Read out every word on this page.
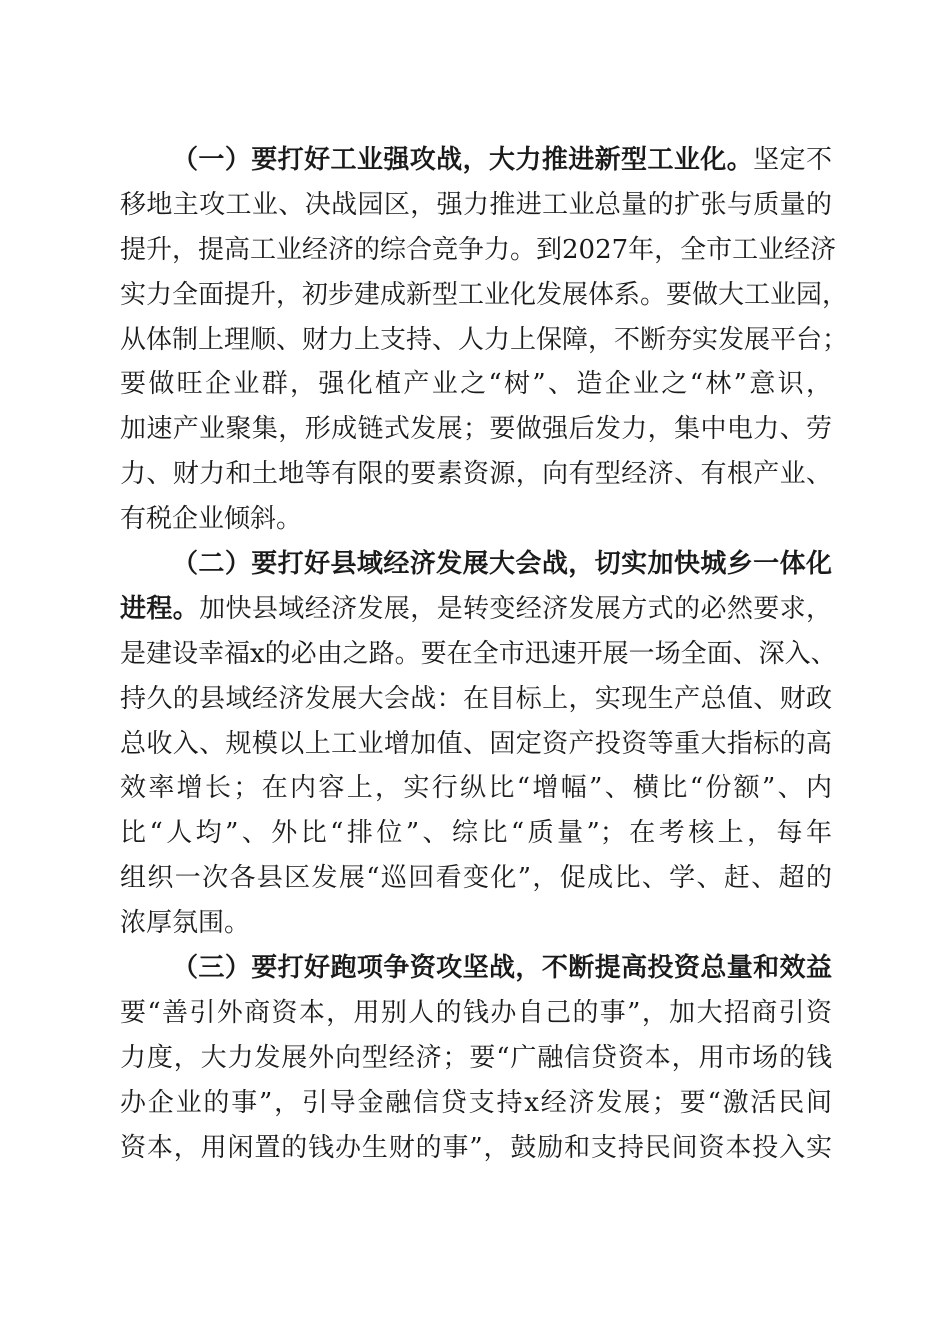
（一）要打好工业强攻战，大力推进新型工业化。坚定不
移地主攻工业、决战园区，强力推进工业总量的扩张与质量的
提升，提高工业经济的综合竞争力。到2027年，全市工业经济
实力全面提升，初步建成新型工业化发展体系。要做大工业园，
从体制上理顺、财力上支持、人力上保障，不断夯实发展平台；
要做旺企业群，强化植产业之“树”、造企业之“林”意识，
加速产业聚集，形成链式发展；要做强后发力，集中电力、劳
力、财力和土地等有限的要素资源，向有型经济、有根产业、
有税企业倾斜。
（二）要打好县域经济发展大会战，切实加快城乡一体化
进程。加快县域经济发展，是转变经济发展方式的必然要求，
是建设幸福x的必由之路。要在全市迅速开展一场全面、深入、
持久的县域经济发展大会战：在目标上，实现生产总值、财政
总收入、规模以上工业增加值、固定资产投资等重大指标的高
效率增长；在内容上，实行纵比“增幅”、横比“份额”、内
比“人均”、外比“排位”、综比“质量”；在考核上，每年
组织一次各县区发展“巡回看变化”，促成比、学、赶、超的
浓厚氛围。
（三）要打好跑项争资攻坚战，不断提高投资总量和效益
要“善引外商资本，用别人的钱办自己的事”，加大招商引资
力度，大力发展外向型经济；要“广融信贷资本，用市场的钱
办企业的事”，引导金融信贷支持x经济发展；要“激活民间
资本，用闲置的钱办生财的事”，鼓励和支持民间资本投入实
